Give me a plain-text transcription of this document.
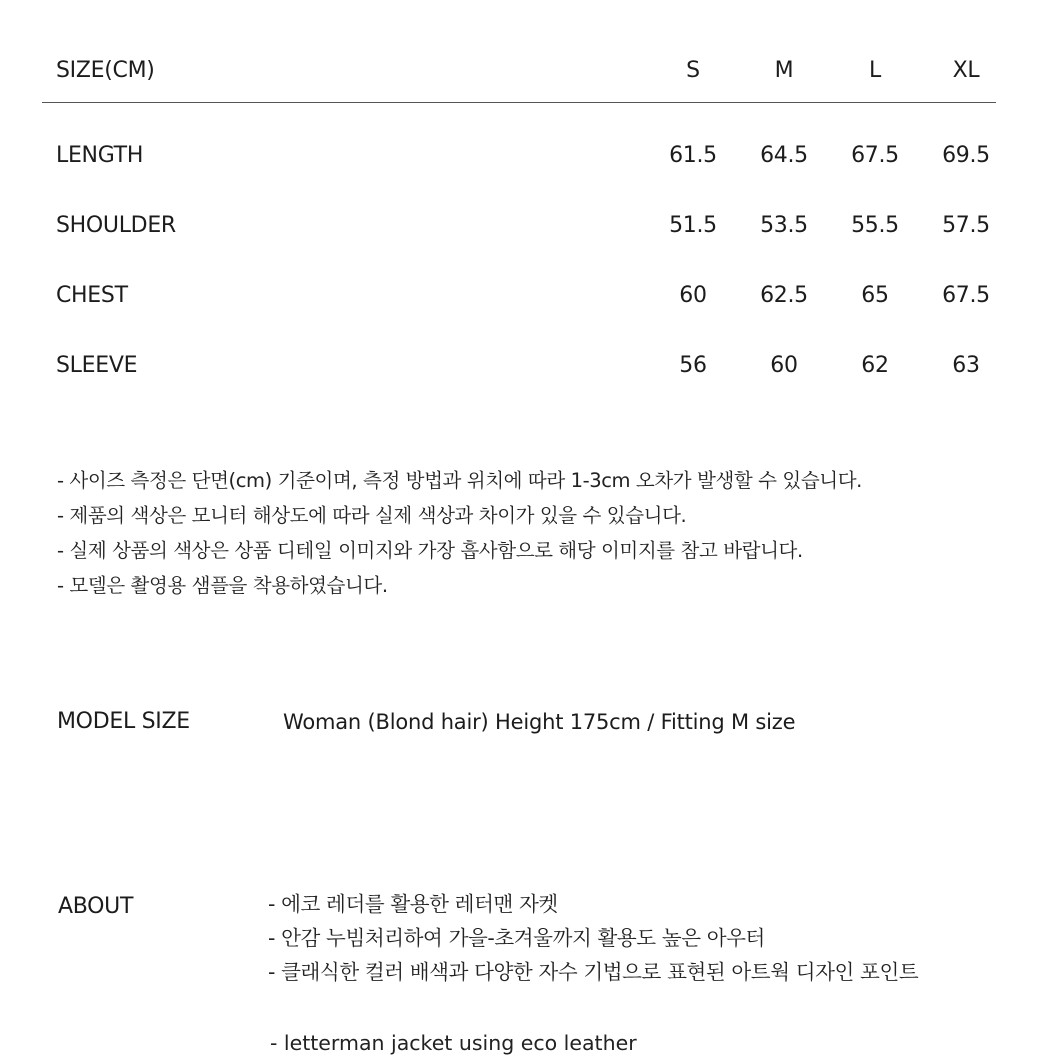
SIZE(CM)	S	M	L	XL
LENGTH	61.5	64.5	67.5	69.5
SHOULDER	51.5	53.5	55.5	57.5
CHEST	60	62.5	65	67.5
SLEEVE	56	60	62	63
- 사이즈 측정은 단면(cm) 기준이며, 측정 방법과 위치에 따라 1-3cm 오차가 발생할 수 있습니다.
- 제품의 색상은 모니터 해상도에 따라 실제 색상과 차이가 있을 수 있습니다.
- 실제 상품의 색상은 상품 디테일 이미지와 가장 흡사함으로 해당 이미지를 참고 바랍니다.
- 모델은 촬영용 샘플을 착용하였습니다.
MODEL SIZE	Woman (Blond hair) Height 175cm / Fitting M size
ABOUT	- 에코 레더를 활용한 레터맨 자켓
- 안감 누빔처리하여 가을-초겨울까지 활용도 높은 아우터
- 클래식한 컬러 배색과 다양한 자수 기법으로 표현된 아트웍 디자인 포인트
- letterman jacket using eco leather
